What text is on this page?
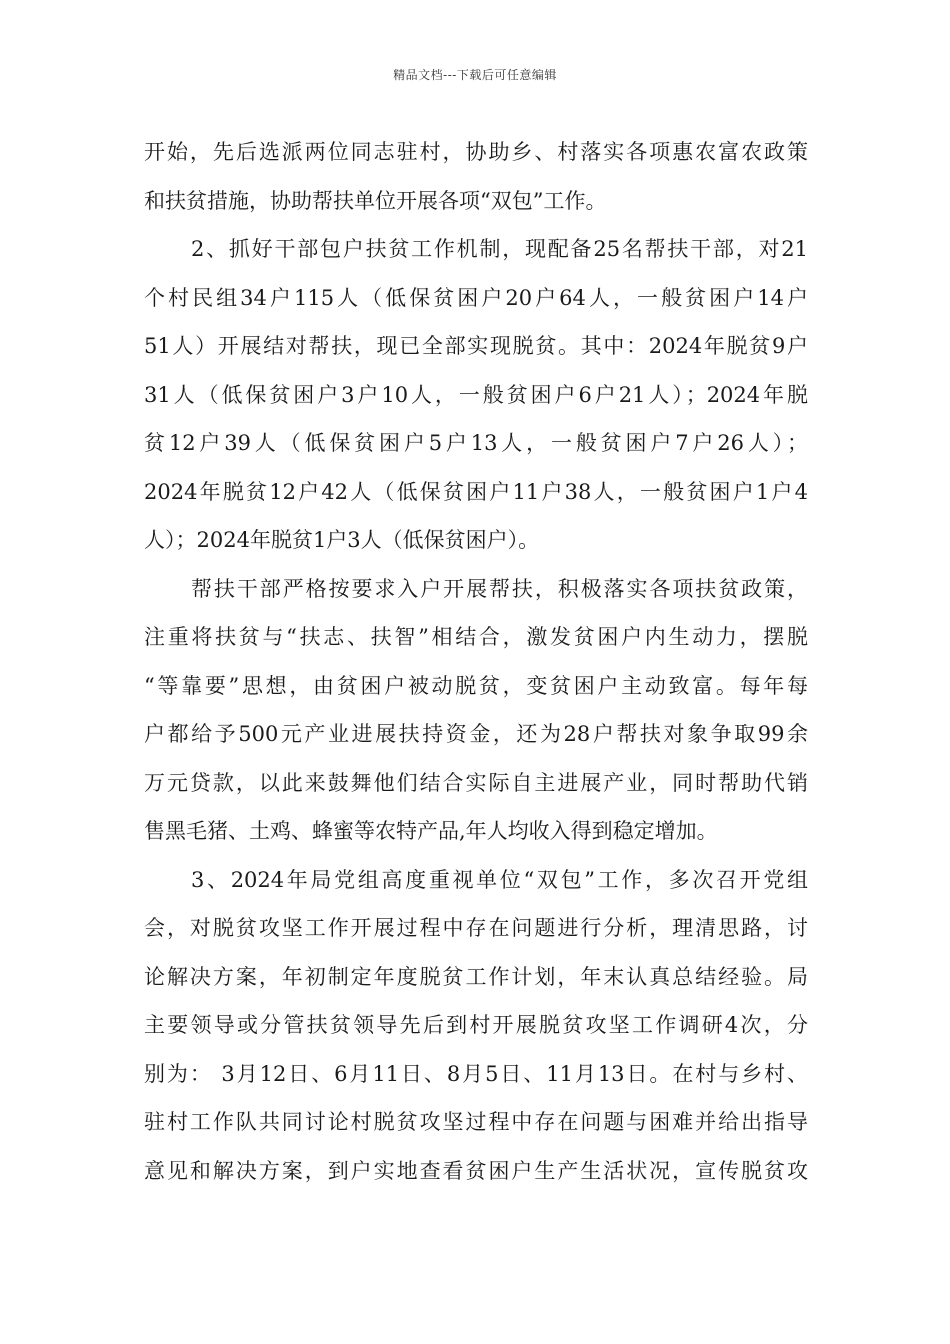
精品文档---下载后可任意编辑
开始，先后选派两位同志驻村，协助乡、村落实各项惠农富农政策
和扶贫措施，协助帮扶单位开展各项“双包”工作。
2、抓好干部包户扶贫工作机制，现配备25名帮扶干部，对21
个村民组34户115人（低保贫困户20户64人，一般贫困户14户
51人）开展结对帮扶，现已全部实现脱贫。其中：2024年脱贫9户
31人（低保贫困户3户10人，一般贫困户6户21人）；2024年脱
贫12户39人（低保贫困户5户13人，一般贫困户7户26人）；
2024年脱贫12户42人（低保贫困户11户38人，一般贫困户1户4
人）；2024年脱贫1户3人（低保贫困户）。
帮扶干部严格按要求入户开展帮扶，积极落实各项扶贫政策，
注重将扶贫与“扶志、扶智”相结合，激发贫困户内生动力，摆脱
“等靠要”思想，由贫困户被动脱贫，变贫困户主动致富。每年每
户都给予500元产业进展扶持资金，还为28户帮扶对象争取99余
万元贷款，以此来鼓舞他们结合实际自主进展产业，同时帮助代销
售黑毛猪、土鸡、蜂蜜等农特产品,年人均收入得到稳定增加。
3、2024年局党组高度重视单位“双包”工作，多次召开党组
会，对脱贫攻坚工作开展过程中存在问题进行分析，理清思路，讨
论解决方案，年初制定年度脱贫工作计划，年末认真总结经验。局
主要领导或分管扶贫领导先后到村开展脱贫攻坚工作调研4次，分
别为： 3月12日、6月11日、8月5日、11月13日。在村与乡村、
驻村工作队共同讨论村脱贫攻坚过程中存在问题与困难并给出指导
意见和解决方案，到户实地查看贫困户生产生活状况，宣传脱贫攻
